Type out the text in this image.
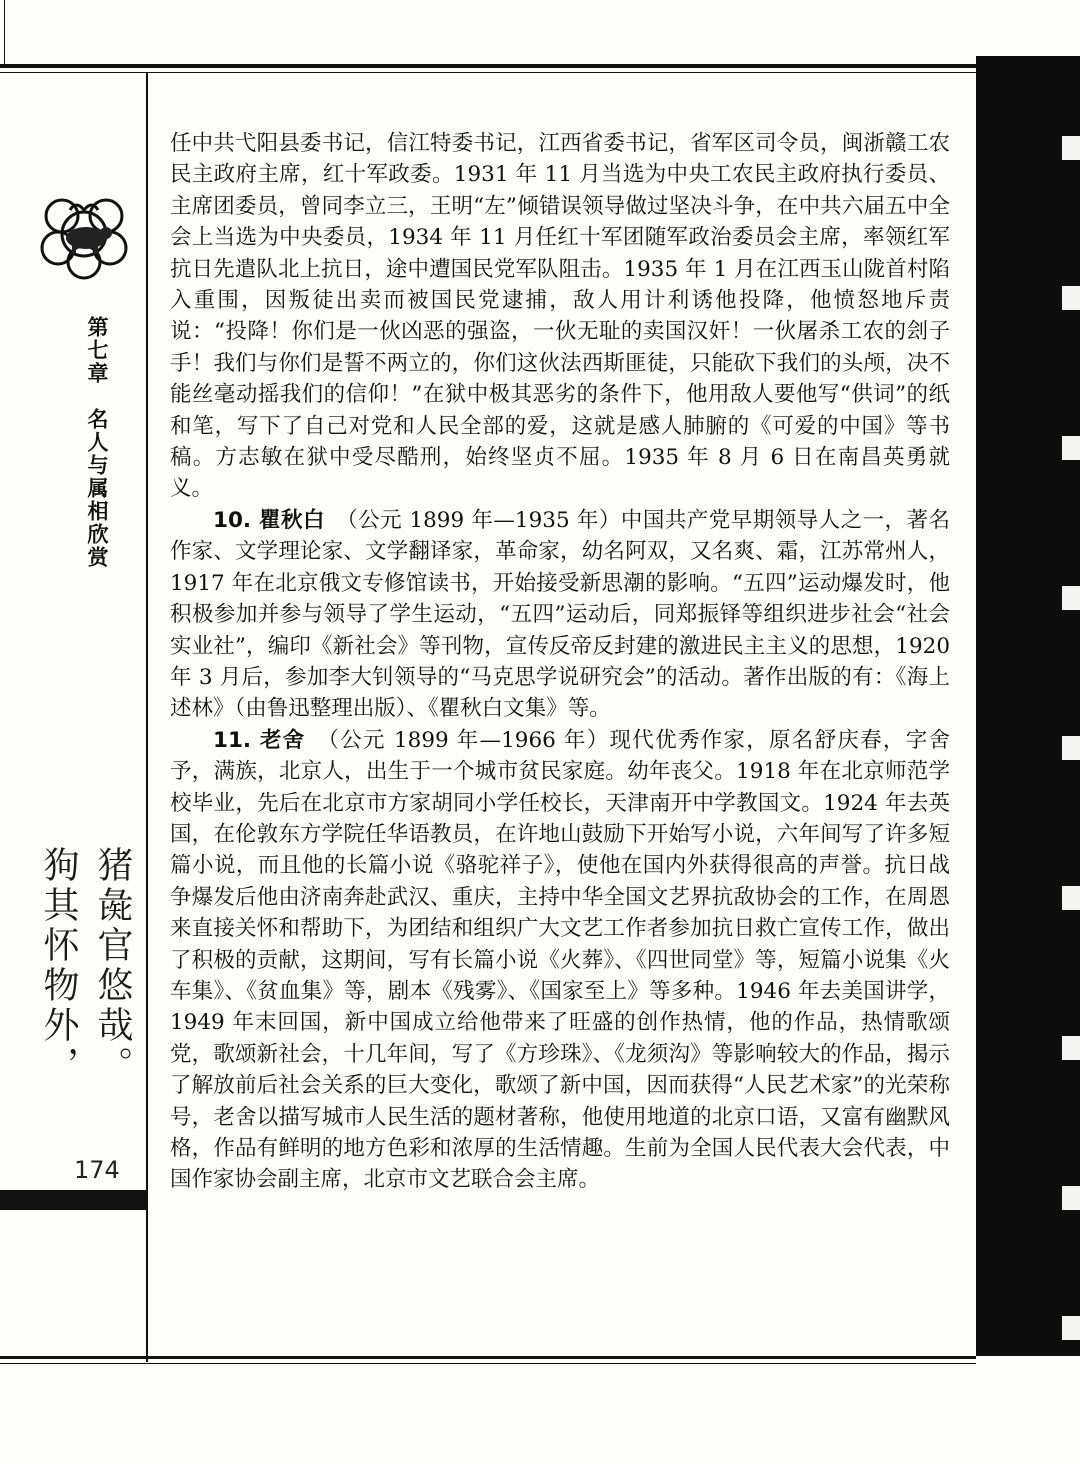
第七章　名人与属相欣赏
猪彘官悠哉。
狗其怀物外，
174

任中共弋阳县委书记，信江特委书记，江西省委书记，省军区司令员，闽浙赣工农民主政府主席，红十军政委。1931 年 11 月当选为中央工农民主政府执行委员、主席团委员，曾同李立三，王明“左”倾错误领导做过坚决斗争，在中共六届五中全会上当选为中央委员，1934 年 11 月任红十军团随军政治委员会主席，率领红军抗日先遣队北上抗日，途中遭国民党军队阻击。1935 年 1 月在江西玉山陇首村陷入重围，因叛徒出卖而被国民党逮捕，敌人用计利诱他投降，他愤怒地斥责说：“投降！你们是一伙凶恶的强盗，一伙无耻的卖国汉奸！一伙屠杀工农的刽子手！我们与你们是誓不两立的，你们这伙法西斯匪徒，只能砍下我们的头颅，决不能丝毫动摇我们的信仰！”在狱中极其恶劣的条件下，他用敌人要他写“供词”的纸和笔，写下了自己对党和人民全部的爱，这就是感人肺腑的《可爱的中国》等书稿。方志敏在狱中受尽酷刑，始终坚贞不屈。1935 年 8 月 6 日在南昌英勇就义。

10. 瞿秋白　 （公元 1899 年—1935 年）中国共产党早期领导人之一，著名作家、文学理论家、文学翻译家，革命家，幼名阿双，又名爽、霜，江苏常州人，1917 年在北京俄文专修馆读书，开始接受新思潮的影响。“五四”运动爆发时，他积极参加并参与领导了学生运动，“五四”运动后，同郑振铎等组织进步社会“社会实业社”，编印《新社会》等刊物，宣传反帝反封建的激进民主主义的思想，1920 年 3 月后，参加李大钊领导的“马克思学说研究会”的活动。著作出版的有：《海上述林》（由鲁迅整理出版）、《瞿秋白文集》等。

11. 老舍　 （公元 1899 年—1966 年）现代优秀作家，原名舒庆春，字舍予，满族，北京人，出生于一个城市贫民家庭。幼年丧父。1918 年在北京师范学校毕业，先后在北京市方家胡同小学任校长，天津南开中学教国文。1924 年去英国，在伦敦东方学院任华语教员，在许地山鼓励下开始写小说，六年间写了许多短篇小说，而且他的长篇小说《骆驼祥子》，使他在国内外获得很高的声誉。抗日战争爆发后他由济南奔赴武汉、重庆，主持中华全国文艺界抗敌协会的工作，在周恩来直接关怀和帮助下，为团结和组织广大文艺工作者参加抗日救亡宣传工作，做出了积极的贡献，这期间，写有长篇小说《火葬》、《四世同堂》等，短篇小说集《火车集》、《贫血集》等，剧本《残雾》、《国家至上》等多种。1946 年去美国讲学，1949 年末回国，新中国成立给他带来了旺盛的创作热情，他的作品，热情歌颂党，歌颂新社会，十几年间，写了《方珍珠》、《龙须沟》等影响较大的作品，揭示了解放前后社会关系的巨大变化，歌颂了新中国，因而获得“人民艺术家”的光荣称号，老舍以描写城市人民生活的题材著称，他使用地道的北京口语，又富有幽默风格，作品有鲜明的地方色彩和浓厚的生活情趣。生前为全国人民代表大会代表，中国作家协会副主席，北京市文艺联合会主席。
